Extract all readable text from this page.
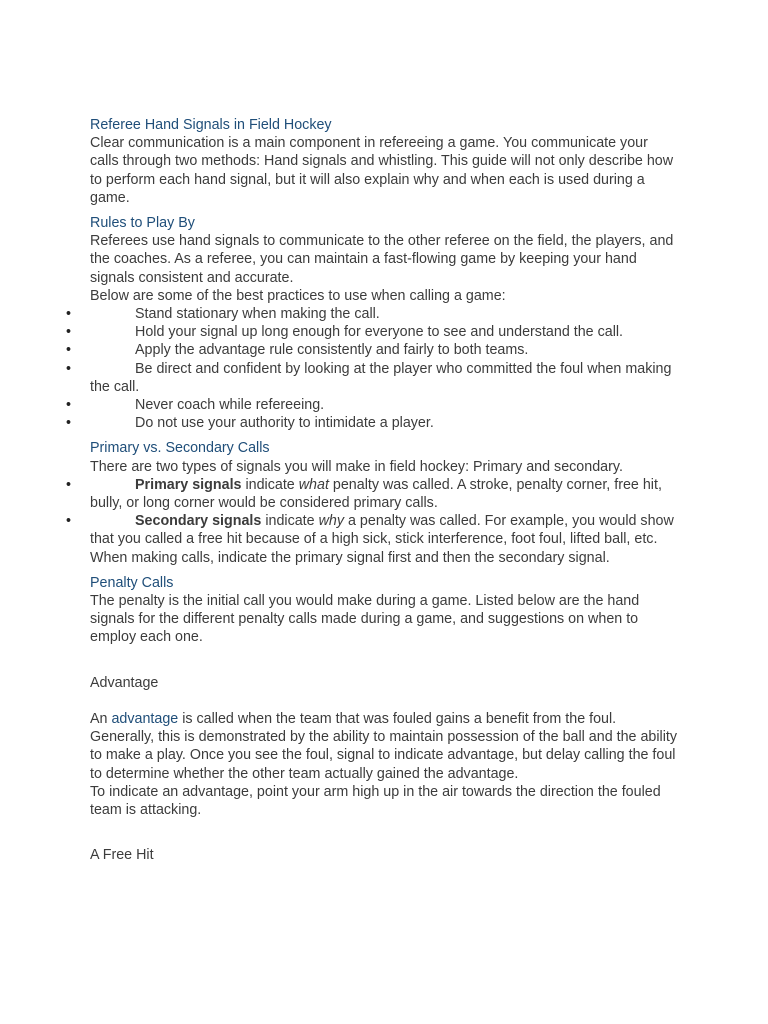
Referee Hand Signals in Field Hockey

Clear communication is a main component in refereeing a game. You communicate your calls through two methods: Hand signals and whistling. This guide will not only describe how to perform each hand signal, but it will also explain why and when each is used during a game.

Rules to Play By

Referees use hand signals to communicate to the other referee on the field, the players, and the coaches. As a referee, you can maintain a fast-flowing game by keeping your hand signals consistent and accurate.

Below are some of the best practices to use when calling a game:

• Stand stationary when making the call.
• Hold your signal up long enough for everyone to see and understand the call.
• Apply the advantage rule consistently and fairly to both teams.
• Be direct and confident by looking at the player who committed the foul when making the call.
• Never coach while refereeing.
• Do not use your authority to intimidate a player.
Primary vs. Secondary Calls

There are two types of signals you will make in field hockey: Primary and secondary.

• Primary signals indicate what penalty was called. A stroke, penalty corner, free hit, bully, or long corner would be considered primary calls.
• Secondary signals indicate why a penalty was called. For example, you would show that you called a free hit because of a high sick, stick interference, foot foul, lifted ball, etc.

When making calls, indicate the primary signal first and then the secondary signal.

Penalty Calls

The penalty is the initial call you would make during a game. Listed below are the hand signals for the different penalty calls made during a game, and suggestions on when to employ each one.

Advantage

An advantage is called when the team that was fouled gains a benefit from the foul. Generally, this is demonstrated by the ability to maintain possession of the ball and the ability to make a play. Once you see the foul, signal to indicate advantage, but delay calling the foul to determine whether the other team actually gained the advantage.

To indicate an advantage, point your arm high up in the air towards the direction the fouled team is attacking.

A Free Hit
